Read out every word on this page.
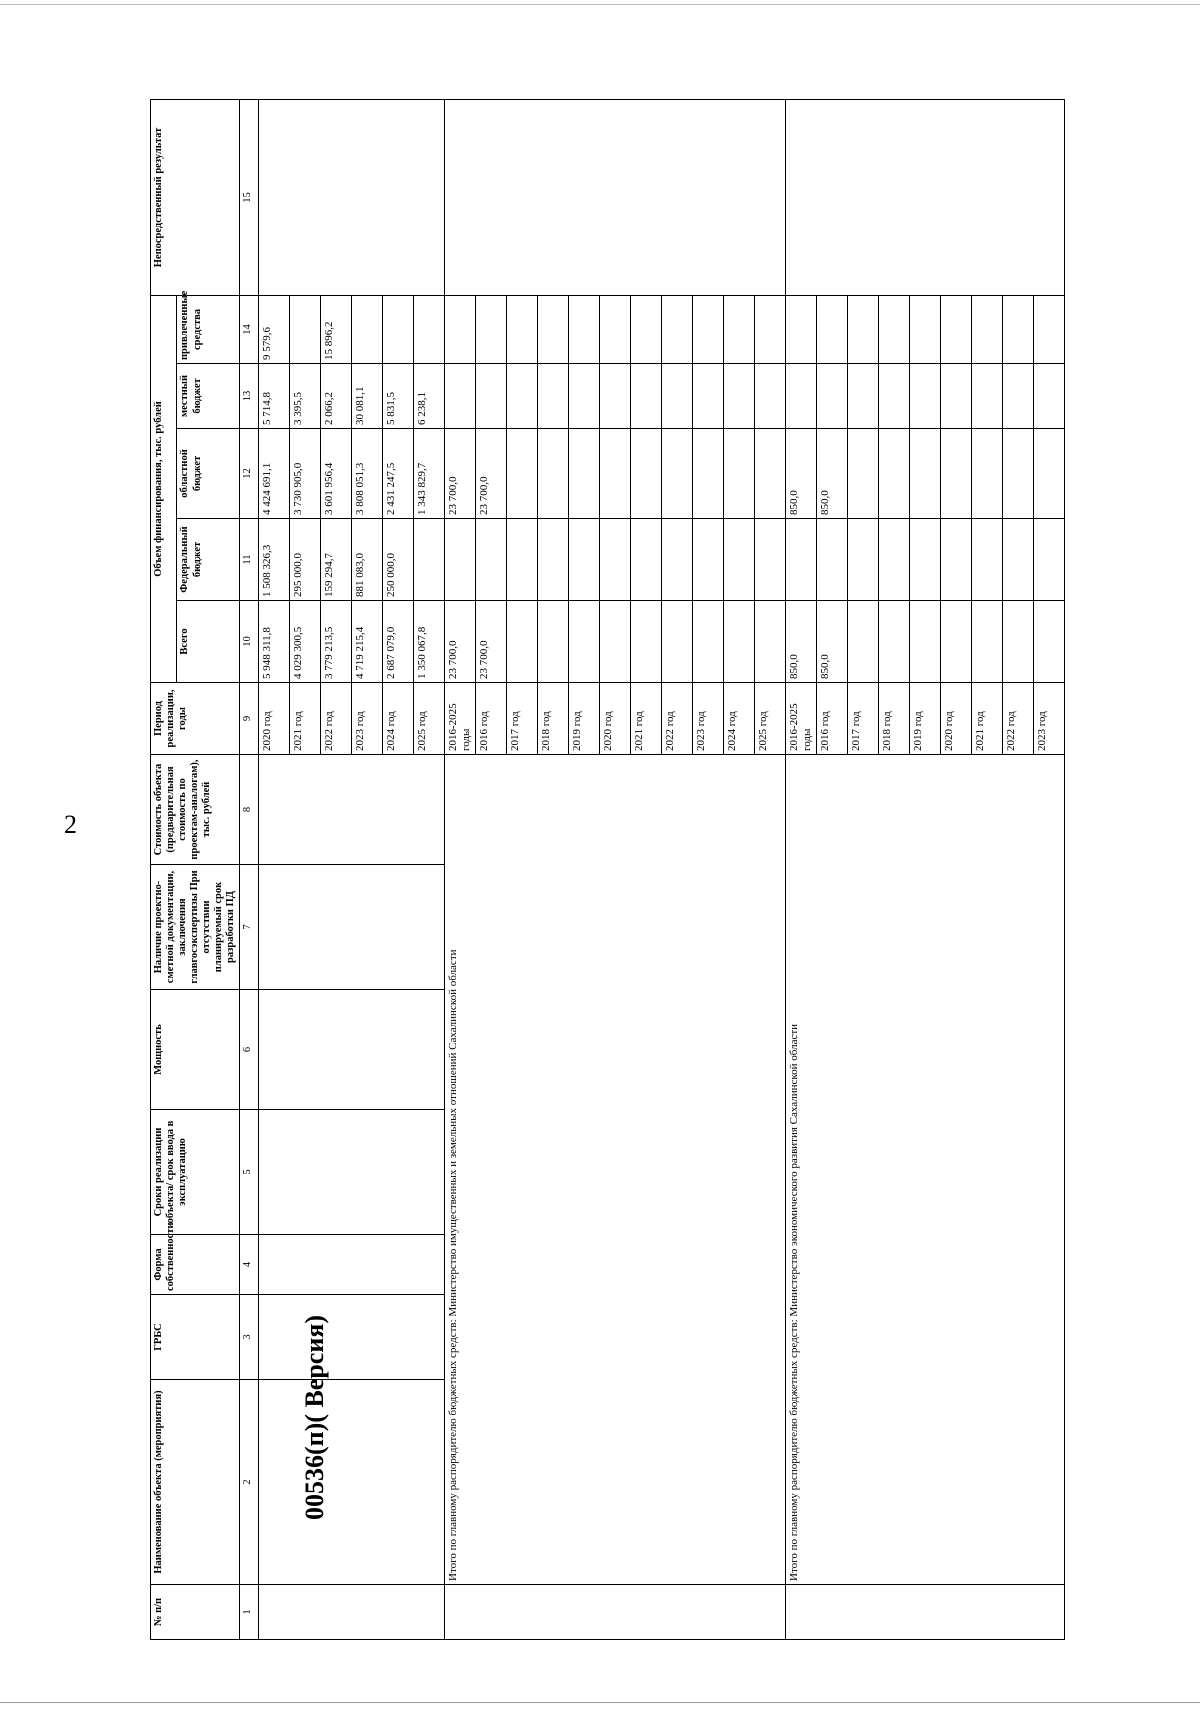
2
№ п/п	Наименование объекта (мероприятия)	ГРБС	Форма собственности	Сроки реализации объекта/ срок ввода в эксплуатацию	Мощность	Наличие проектно-сметной документации, заключения главгосэкспертизы При отсутствии планируемый срок разработки ПД	Стоимость объекта (предварительная стоимость по проектам-аналогам), тыс. рублей	Период реализации, годы	Объем финансирования, тыс. рублей					Непосредственный результат
									Всего	Федеральный бюджет	областной бюджет	местный бюджет	привлеченные средства	
1	2	3	4	5	6	7	8	9	10	11	12	13	14	15
								2020 год	5 948 311,8	1 508 326,3	4 424 691,1	5 714,8	9 579,6	
								2021 год	4 029 300,5	295 000,0	3 730 905,0	3 395,5		
								2022 год	3 779 213,5	159 294,7	3 601 956,4	2 066,2	15 896,2	
								2023 год	4 719 215,4	881 083,0	3 808 051,3	30 081,1		
								2024 год	2 687 079,0	250 000,0	2 431 247,5	5 831,5		
								2025 год	1 350 067,8		1 343 829,7	6 238,1		
	Итого по главному распорядителю бюджетных средств: Министерство имущественных и земельных отношений Сахалинской области							2016-2025 годы	23 700,0		23 700,0			
								2016 год	23 700,0		23 700,0			
								2017 год						
								2018 год						
								2019 год						
								2020 год						
								2021 год						
								2022 год						
								2023 год						
								2024 год						
								2025 год						
	Итого по главному распорядителю бюджетных средств: Министерство экономического развития Сахалинской области							2016-2025 годы	850,0		850,0			
								2016 год	850,0		850,0			
								2017 год						
								2018 год						
								2019 год						
								2020 год						
								2021 год						
								2022 год						
								2023 год						
00536(п)( Версия)
